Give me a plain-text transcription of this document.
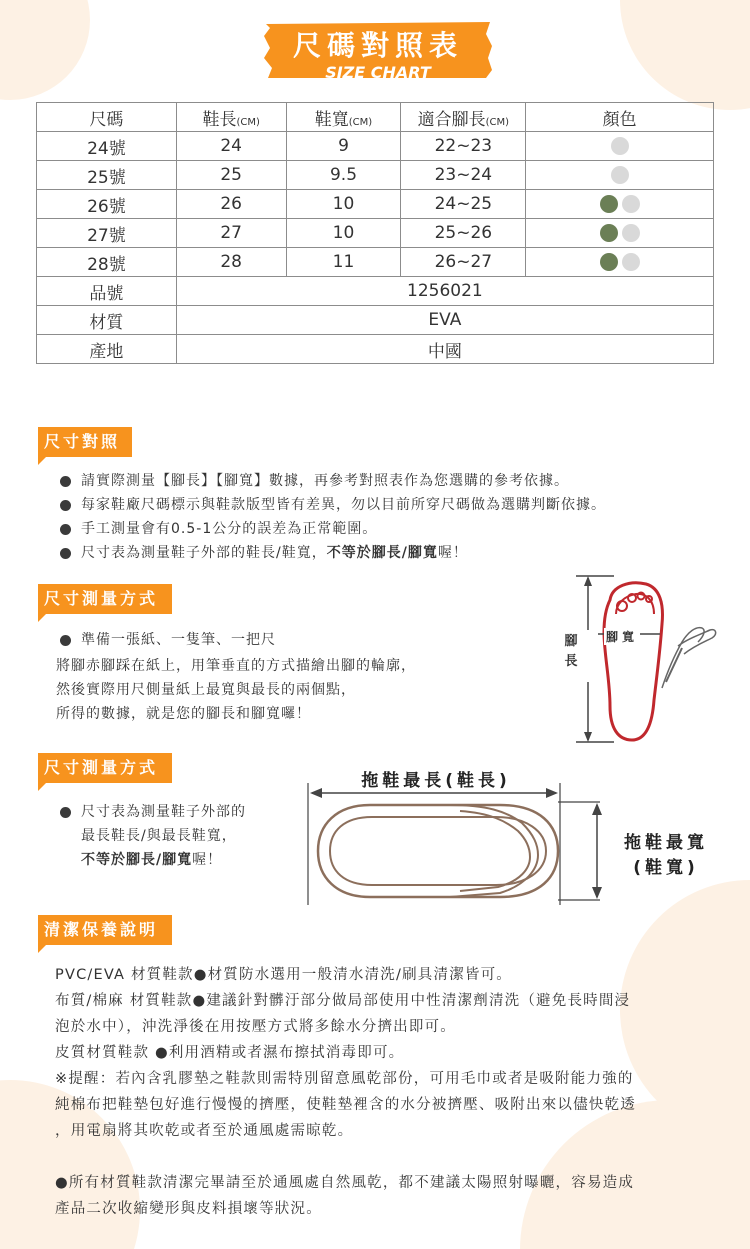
尺碼對照表
SIZE CHART
尺碼	鞋長(CM)	鞋寬(CM)	適合腳長(CM)	顏色
24號	24	9	22~23	

25號	25	9.5	23~24	

26號	26	10	24~25	

27號	27	10	25~26	

28號	28	11	26~27	

品號	1256021			
材質	EVA			
產地	中國			
尺寸對照
請實際測量【腳長】【腳寬】數據，再參考對照表作為您選購的參考依據。
每家鞋廠尺碼標示與鞋款版型皆有差異，勿以目前所穿尺碼做為選購判斷依據。
手工測量會有0.5-1公分的誤差為正常範圍。
尺寸表為測量鞋子外部的鞋長/鞋寬， 不等於腳長/腳寬 喔！
尺寸測量方式
準備一張紙、一隻筆、一把尺
將腳赤腳踩在紙上，用筆垂直的方式描繪出腳的輪廓，
然後實際用尺側量紙上最寬與最長的兩個點，
所得的數據，就是您的腳長和腳寬囉！
腳長
腳寬
尺寸測量方式
尺寸表為測量鞋子外部的
最長鞋長/與最長鞋寬，
不等於腳長/腳寬喔！
拖鞋最長(鞋長)
拖鞋最寬
(鞋寬)
清潔保養說明

PVC/EVA 材質鞋款●材質防水選用一般清水清洗/刷具清潔皆可。

布質/棉麻 材質鞋款●建議針對髒汙部分做局部使用中性清潔劑清洗（避免長時間浸

泡於水中），沖洗淨後在用按壓方式將多餘水分擠出即可。

皮質材質鞋款 ●利用酒精或者濕布擦拭消毒即可。

※提醒：若內含乳膠墊之鞋款則需特別留意風乾部份，可用毛巾或者是吸附能力強的

純棉布把鞋墊包好進行慢慢的擠壓，使鞋墊裡含的水分被擠壓、吸附出來以儘快乾透

，用電扇將其吹乾或者至於通風處需晾乾。

●所有材質鞋款清潔完畢請至於通風處自然風乾，都不建議太陽照射曝曬，容易造成

產品二次收縮變形與皮料損壞等狀況。
